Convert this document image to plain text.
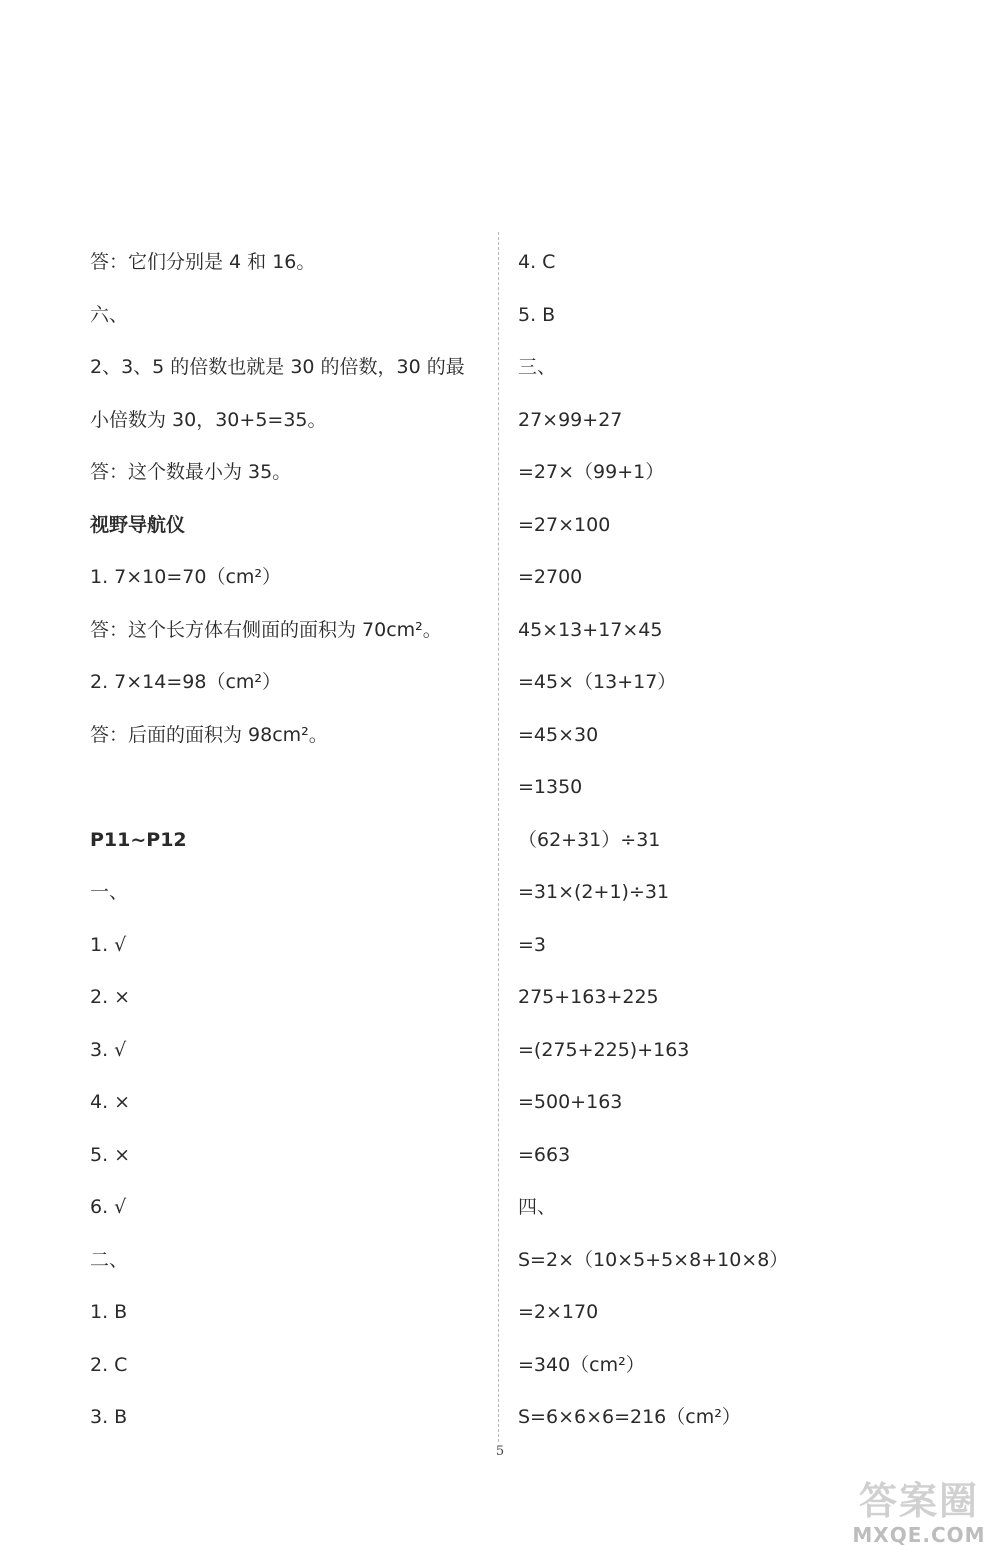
答：它们分别是 4 和 16。
六、
2、3、5 的倍数也就是 30 的倍数，30 的最
小倍数为 30，30+5=35。
答：这个数最小为 35。
视野导航仪
1. 7×10=70（cm²）
答：这个长方体右侧面的面积为 70cm²。
2. 7×14=98（cm²）
答：后面的面积为 98cm²。
P11~P12
一、
1. √
2. ×
3. √
4. ×
5. ×
6. √
二、
1. B
2. C
3. B
4. C
5. B
三、
27×99+27
=27×（99+1）
=27×100
=2700
45×13+17×45
=45×（13+17）
=45×30
=1350
（62+31）÷31
=31×(2+1)÷31
=3
275+163+225
=(275+225)+163
=500+163
=663
四、
S=2×（10×5+5×8+10×8）
=2×170
=340（cm²）
S=6×6×6=216（cm²）
5
答案圈
MXQE.COM
